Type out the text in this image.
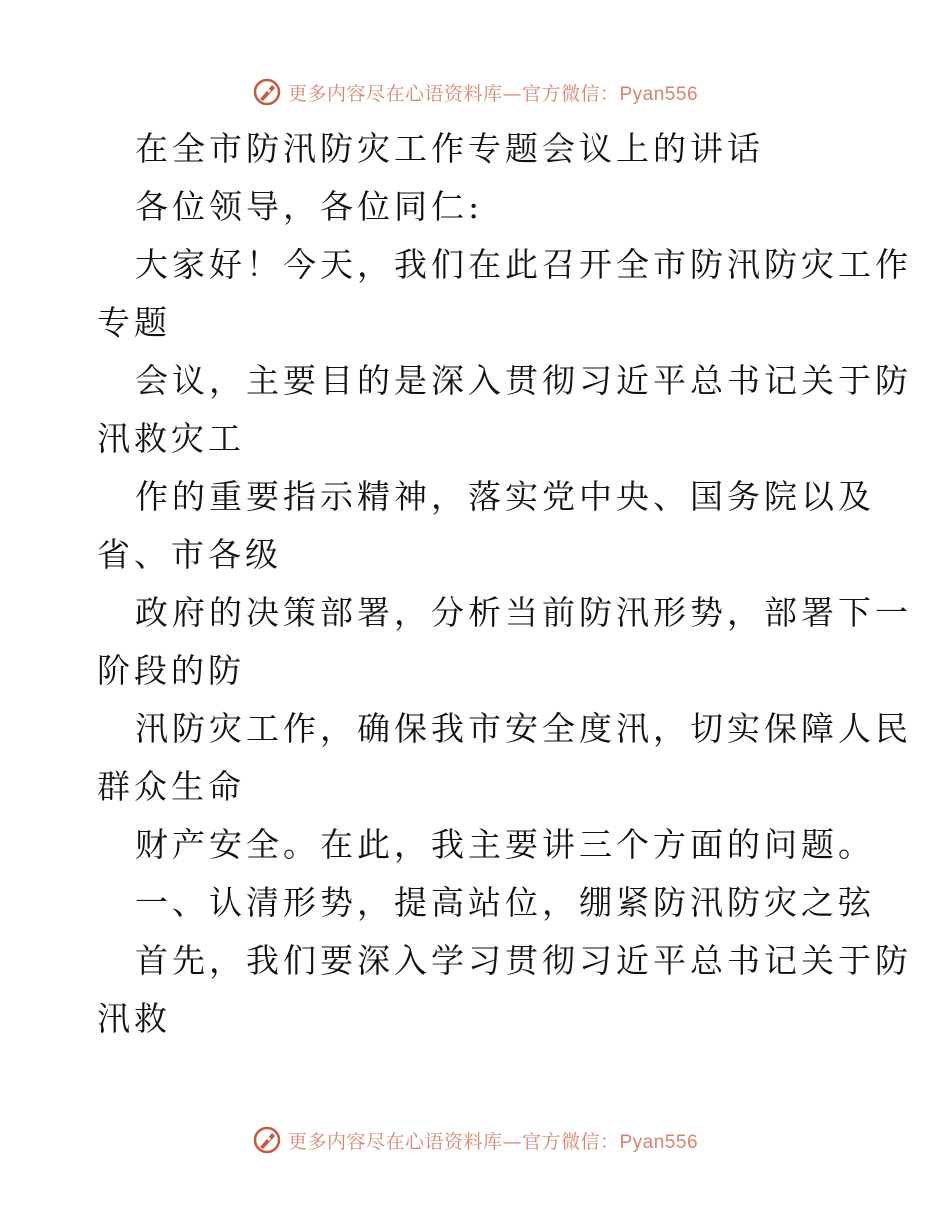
更多内容尽在心语资料库—官方微信：Pyan556
在全市防汛防灾工作专题会议上的讲话
各位领导，各位同仁:
大家好！今天，我们在此召开全市防汛防灾工作
专题
会议，主要目的是深入贯彻习近平总书记关于防
汛救灾工
作的重要指示精神，落实党中央、国务院以及
省、市各级
政府的决策部署，分析当前防汛形势，部署下一
阶段的防
汛防灾工作，确保我市安全度汛，切实保障人民
群众生命
财产安全。在此，我主要讲三个方面的问题。
一、认清形势，提高站位，绷紧防汛防灾之弦
首先，我们要深入学习贯彻习近平总书记关于防
汛救
更多内容尽在心语资料库—官方微信：Pyan556
